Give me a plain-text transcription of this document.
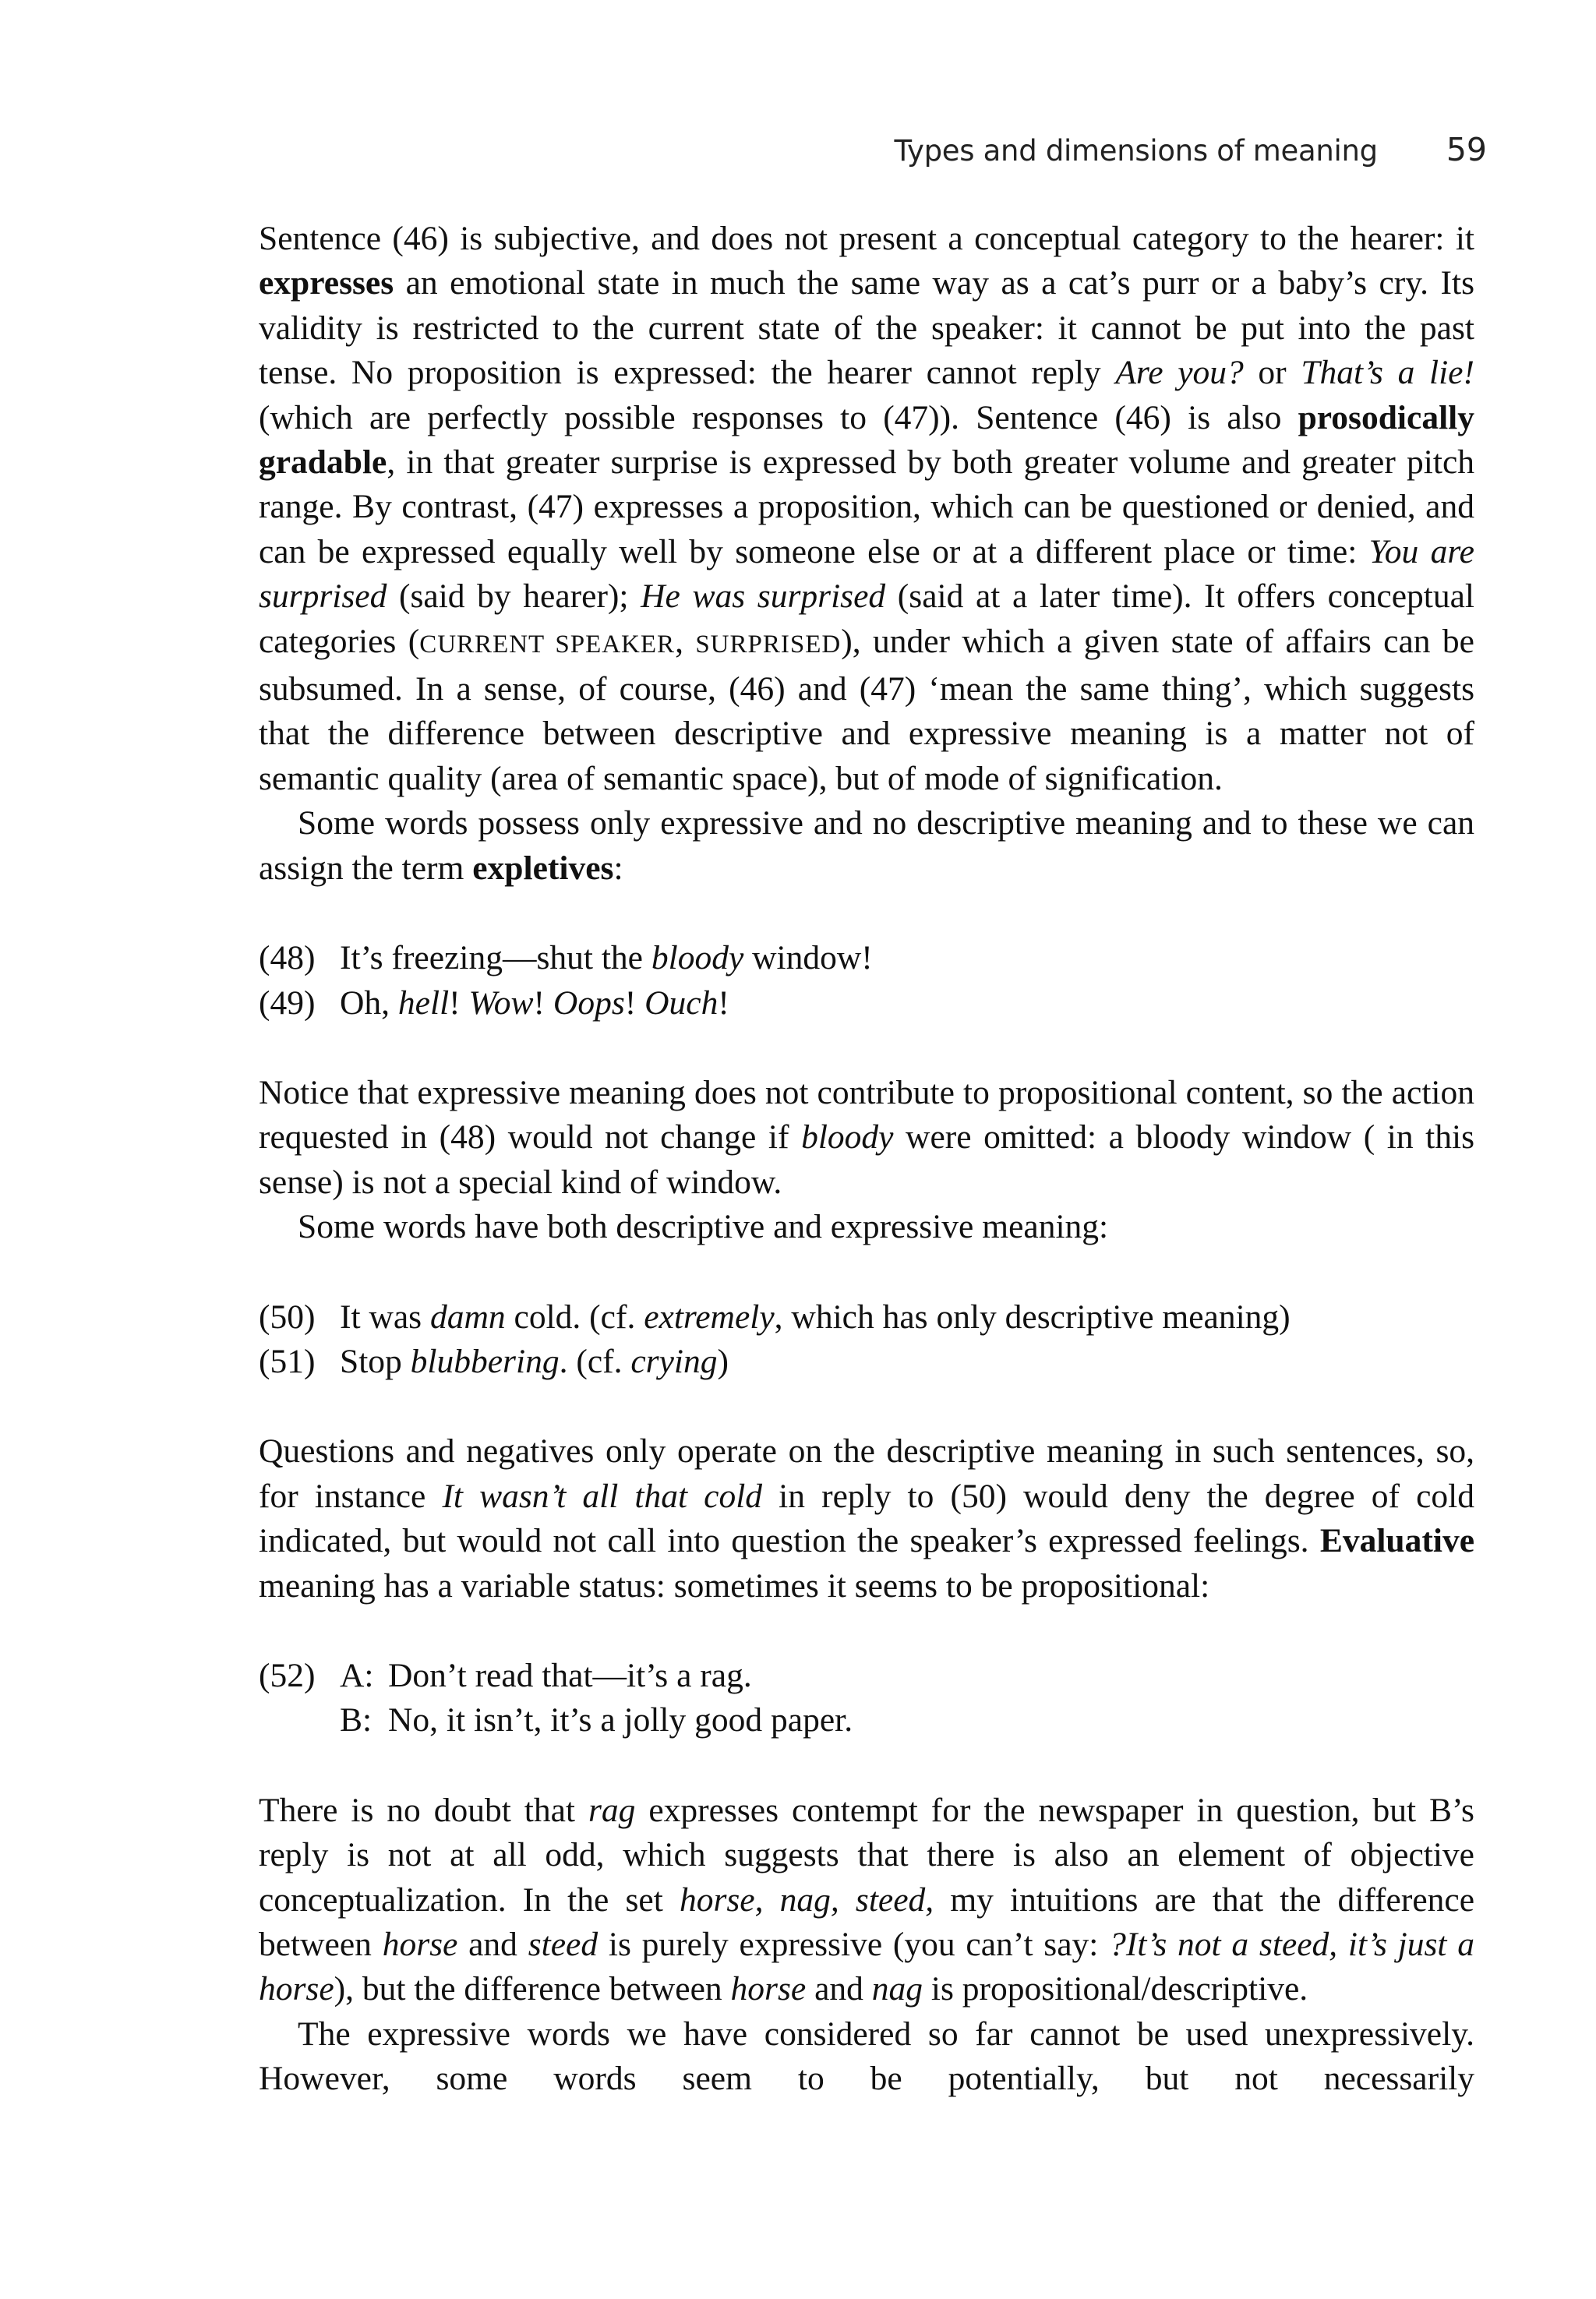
Types and dimensions of meaning 59

Sentence (46) is subjective, and does not present a conceptual category to the hearer: it expresses an emotional state in much the same way as a cat’s purr or a baby’s cry. Its validity is restricted to the current state of the speaker: it cannot be put into the past tense. No proposition is expressed: the hearer cannot reply Are you? or That’s a lie! (which are perfectly possible responses to (47)). Sentence (46) is also prosodically gradable, in that greater surprise is expressed by both greater volume and greater pitch range. By contrast, (47) expresses a proposition, which can be questioned or denied, and can be expressed equally well by someone else or at a different place or time: You are surprised (said by hearer); He was surprised (said at a later time). It offers conceptual categories (CURRENT SPEAKER, SURPRISED), under which a given state of affairs can be subsumed. In a sense, of course, (46) and (47) ‘mean the same thing’, which suggests that the difference between descriptive and expressive meaning is a matter not of semantic quality (area of semantic space), but of mode of signification.

Some words possess only expressive and no descriptive meaning and to these we can assign the term expletives:

(48) It’s freezing—shut the bloody window!
(49) Oh, hell! Wow! Oops! Ouch!

Notice that expressive meaning does not contribute to propositional content, so the action requested in (48) would not change if bloody were omitted: a bloody window ( in this sense) is not a special kind of window.

Some words have both descriptive and expressive meaning:

(50) It was damn cold. (cf. extremely, which has only descriptive meaning)
(51) Stop blubbering. (cf. crying)

Questions and negatives only operate on the descriptive meaning in such sentences, so, for instance It wasn’t all that cold in reply to (50) would deny the degree of cold indicated, but would not call into question the speaker’s expressed feelings. Evaluative meaning has a variable status: sometimes it seems to be propositional:

(52) A: Don’t read that—it’s a rag.
B: No, it isn’t, it’s a jolly good paper.

There is no doubt that rag expresses contempt for the newspaper in question, but B’s reply is not at all odd, which suggests that there is also an element of objective conceptualization. In the set horse, nag, steed, my intuitions are that the difference between horse and steed is purely expressive (you can’t say: ?It’s not a steed, it’s just a horse), but the difference between horse and nag is propositional/descriptive.

The expressive words we have considered so far cannot be used unexpressively. However, some words seem to be potentially, but not necessarily
